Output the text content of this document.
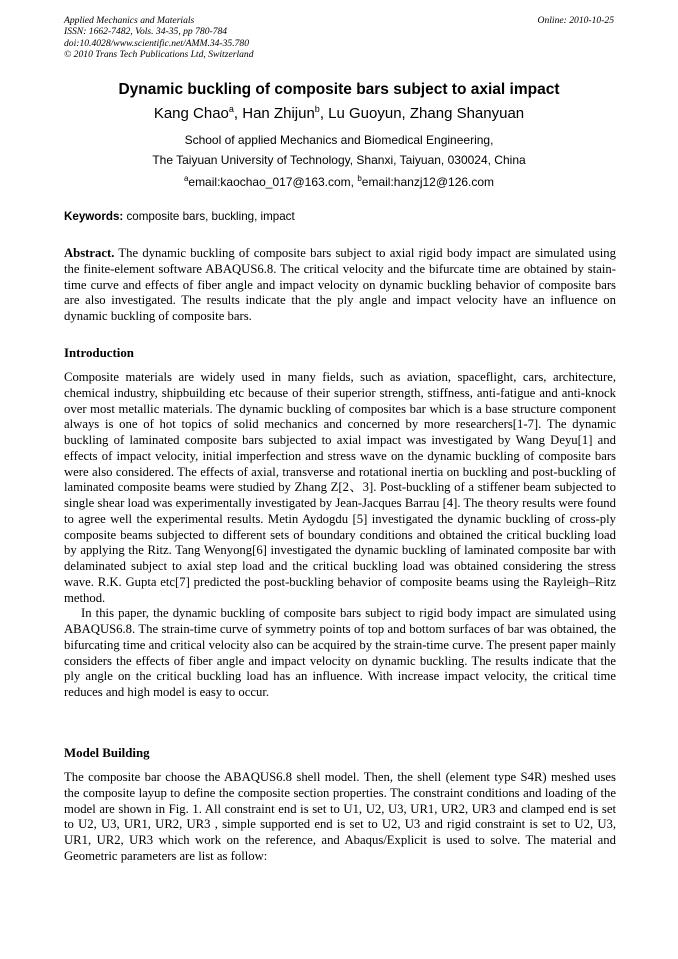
Applied Mechanics and Materials
ISSN: 1662-7482, Vols. 34-35, pp 780-784
doi:10.4028/www.scientific.net/AMM.34-35.780
© 2010 Trans Tech Publications Ltd, Switzerland
Online: 2010-10-25
Dynamic buckling of composite bars subject to axial impact
Kang Chao$^a$, Han Zhijun$^b$, Lu Guoyun, Zhang Shanyuan
School of applied Mechanics and Biomedical Engineering,
The Taiyuan University of Technology, Shanxi, Taiyuan, 030024, China
$^a$email:kaochao_017@163.com, $^b$email:hanzj12@126.com
Keywords: composite bars, buckling, impact
Abstract. The dynamic buckling of composite bars subject to axial rigid body impact are simulated using the finite-element software ABAQUS6.8. The critical velocity and the bifurcate time are obtained by stain-time curve and effects of fiber angle and impact velocity on dynamic buckling behavior of composite bars are also investigated. The results indicate that the ply angle and impact velocity have an influence on dynamic buckling of composite bars.
Introduction
Composite materials are widely used in many fields, such as aviation, spaceflight, cars, architecture, chemical industry, shipbuilding etc because of their superior strength, stiffness, anti-fatigue and anti-knock over most metallic materials. The dynamic buckling of composites bar which is a base structure component always is one of hot topics of solid mechanics and concerned by more researchers[1-7]. The dynamic buckling of laminated composite bars subjected to axial impact was investigated by Wang Deyu[1] and effects of impact velocity, initial imperfection and stress wave on the dynamic buckling of composite bars were also considered. The effects of axial, transverse and rotational inertia on buckling and post-buckling of laminated composite beams were studied by Zhang Z[2、3]. Post-buckling of a stiffener beam subjected to single shear load was experimentally investigated by Jean-Jacques Barrau [4]. The theory results were found to agree well the experimental results. Metin Aydogdu [5] investigated the dynamic buckling of cross-ply composite beams subjected to different sets of boundary conditions and obtained the critical buckling load by applying the Ritz. Tang Wenyong[6] investigated the dynamic buckling of laminated composite bar with delaminated subject to axial step load and the critical buckling load was obtained considering the stress wave. R.K. Gupta etc[7] predicted the post-buckling behavior of composite beams using the Rayleigh–Ritz method.
In this paper, the dynamic buckling of composite bars subject to rigid body impact are simulated using ABAQUS6.8. The strain-time curve of symmetry points of top and bottom surfaces of bar was obtained, the bifurcating time and critical velocity also can be acquired by the strain-time curve. The present paper mainly considers the effects of fiber angle and impact velocity on dynamic buckling. The results indicate that the ply angle on the critical buckling load has an influence. With increase impact velocity, the critical time reduces and high model is easy to occur.
Model Building
The composite bar choose the ABAQUS6.8 shell model. Then, the shell (element type S4R) meshed uses the composite layup to define the composite section properties. The constraint conditions and loading of the model are shown in Fig. 1. All constraint end is set to U1, U2, U3, UR1, UR2, UR3 and clamped end is set to U2, U3, UR1, UR2, UR3 , simple supported end is set to U2, U3 and rigid constraint is set to U2, U3, UR1, UR2, UR3 which work on the reference, and Abaqus/Explicit is used to solve. The material and Geometric parameters are list as follow:
